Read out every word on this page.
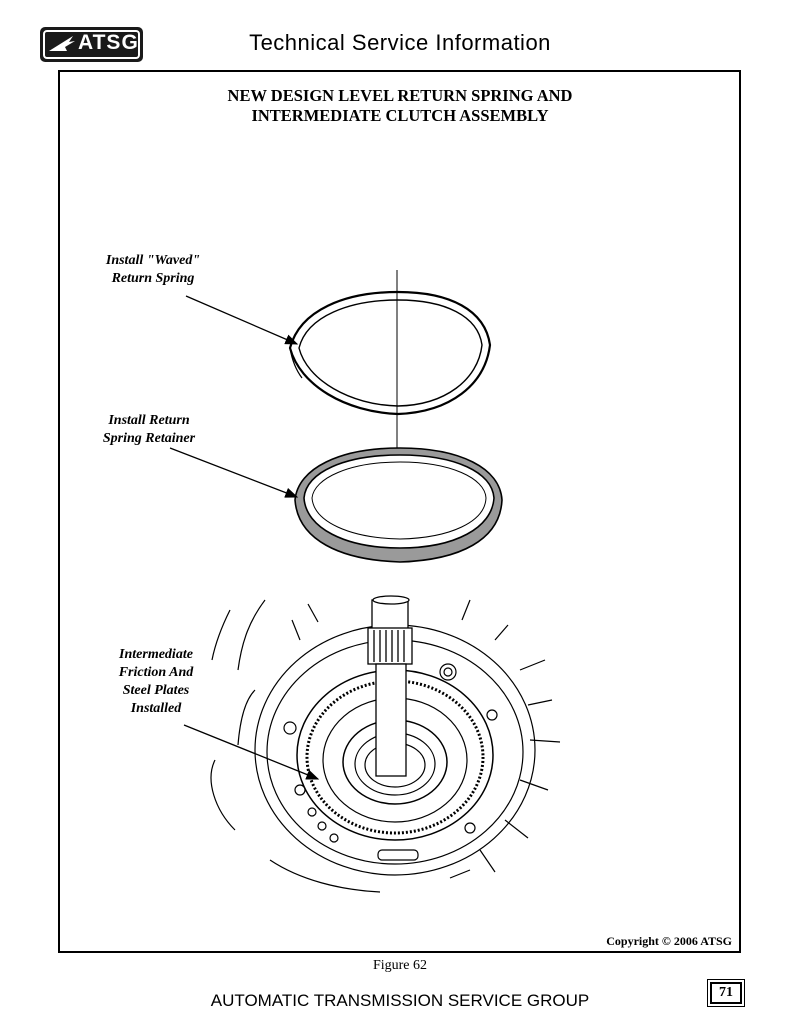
ATSG	Technical Service Information
NEW DESIGN LEVEL RETURN SPRING AND
INTERMEDIATE CLUTCH ASSEMBLY
Install "Waved"
Return Spring
Install Return
Spring Retainer
Intermediate
Friction And
Steel Plates
Installed
Copyright © 2006 ATSG
Figure 62
AUTOMATIC TRANSMISSION SERVICE GROUP	71
